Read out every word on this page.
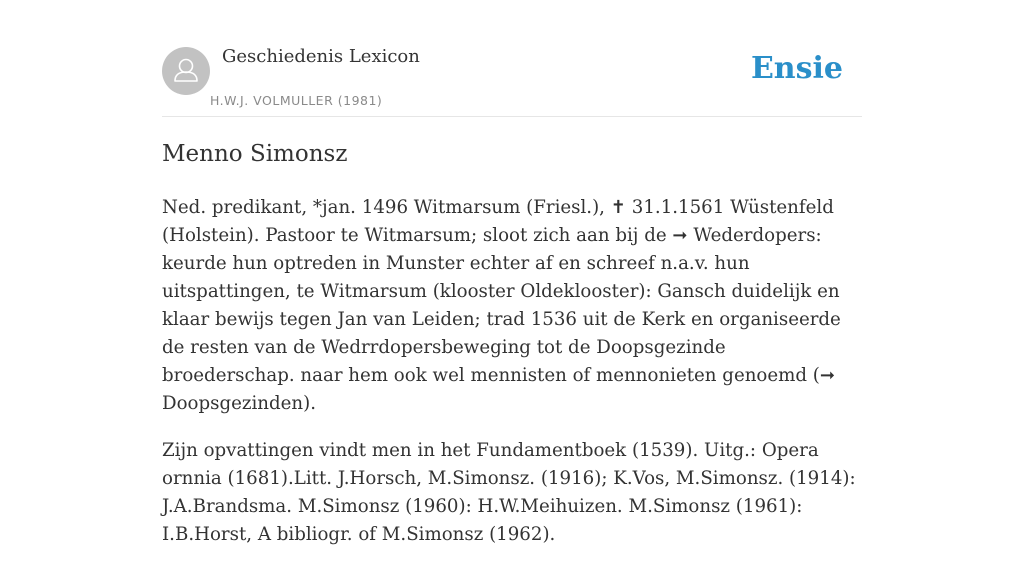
Geschiedenis Lexicon
H.W.J. VOLMULLER (1981)
Ensie
Menno Simonsz

Ned. predikant, *jan. 1496 Witmarsum (Friesl.), ✝ 31.1.1561 Wüstenfeld (Holstein). Pastoor te Witmarsum; sloot zich aan bij de ➞ Wederdopers: keurde hun optreden in Munster echter af en schreef n.a.v. hun uitspattingen, te Witmarsum (klooster Oldeklooster): Gansch duidelijk en klaar bewijs tegen Jan van Leiden; trad 1536 uit de Kerk en organiseerde de resten van de Wedrrdopersbeweging tot de Doopsgezinde broederschap. naar hem ook wel mennisten of mennonieten genoemd (➞ Doopsgezinden).

Zijn opvattingen vindt men in het Fundamentboek (1539). Uitg.: Opera ornnia (1681).Litt. J.Horsch, M.Simonsz. (1916); K.Vos, M.Simonsz. (1914): J.A.Brandsma. M.Simonsz (1960): H.W.Meihuizen. M.Simonsz (1961): I.B.Horst, A bibliogr. of M.Simonsz (1962).
